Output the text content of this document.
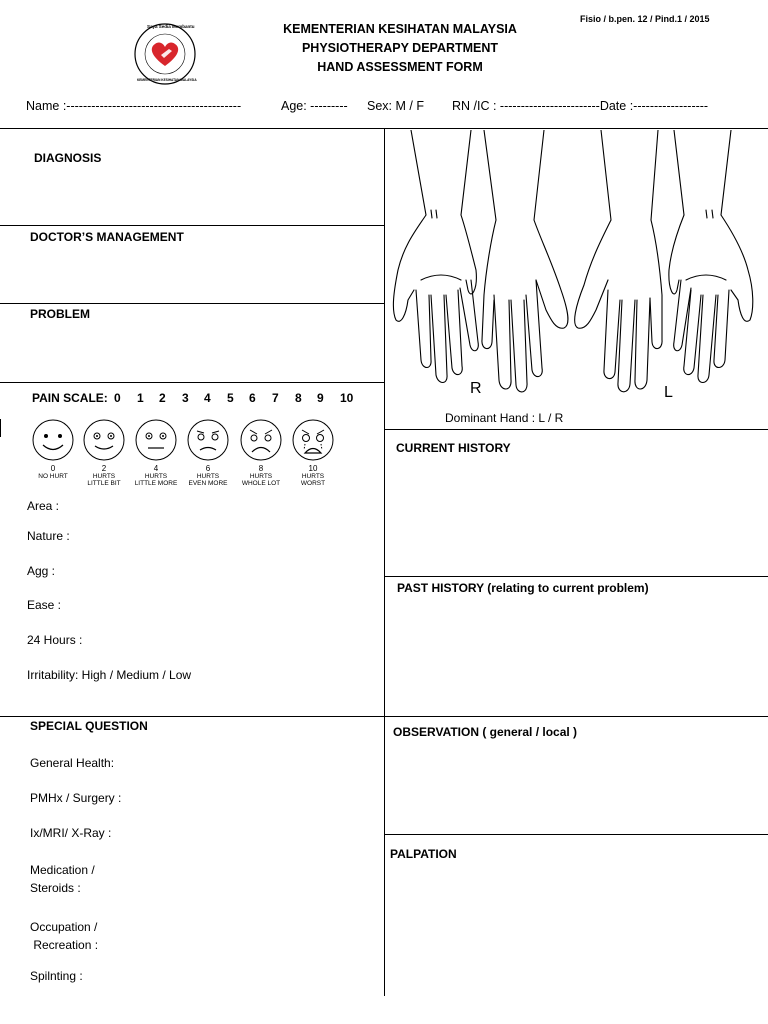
Fisio / b.pen. 12 / Pind.1 / 2015
Saya Sedia Membantu
KEMENTERIAN KESIHATAN MALAYSIA
KEMENTERIAN KESIHATAN MALAYSIA
PHYSIOTHERAPY DEPARTMENT
HAND ASSESSMENT FORM
Name :------------------------------------------	Age: --------- Sex: M / F RN /IC : ------------------------Date :------------------
DIAGNOSIS
DOCTOR’S MANAGEMENT
PROBLEM
PAIN SCALE: 0 1 2 3 4 5 6 7 8 9 10
0
NO HURT
2
HURTS
LITTLE BIT
4
HURTS
LITTLE MORE
6
HURTS
EVEN MORE
8
HURTS
WHOLE LOT
10
HURTS
WORST
Area :
Nature :
Agg :
Ease :
24 Hours :
Irritability: High / Medium / Low
SPECIAL QUESTION
General Health:
PMHx / Surgery :
Ix/MRI/ X-Ray :
Medication /
Steroids :
Occupation /
Recreation :
Spilnting :
R	L
Dominant Hand : L / R
CURRENT HISTORY
PAST HISTORY (relating to current problem)
OBSERVATION ( general / local )
PALPATION
